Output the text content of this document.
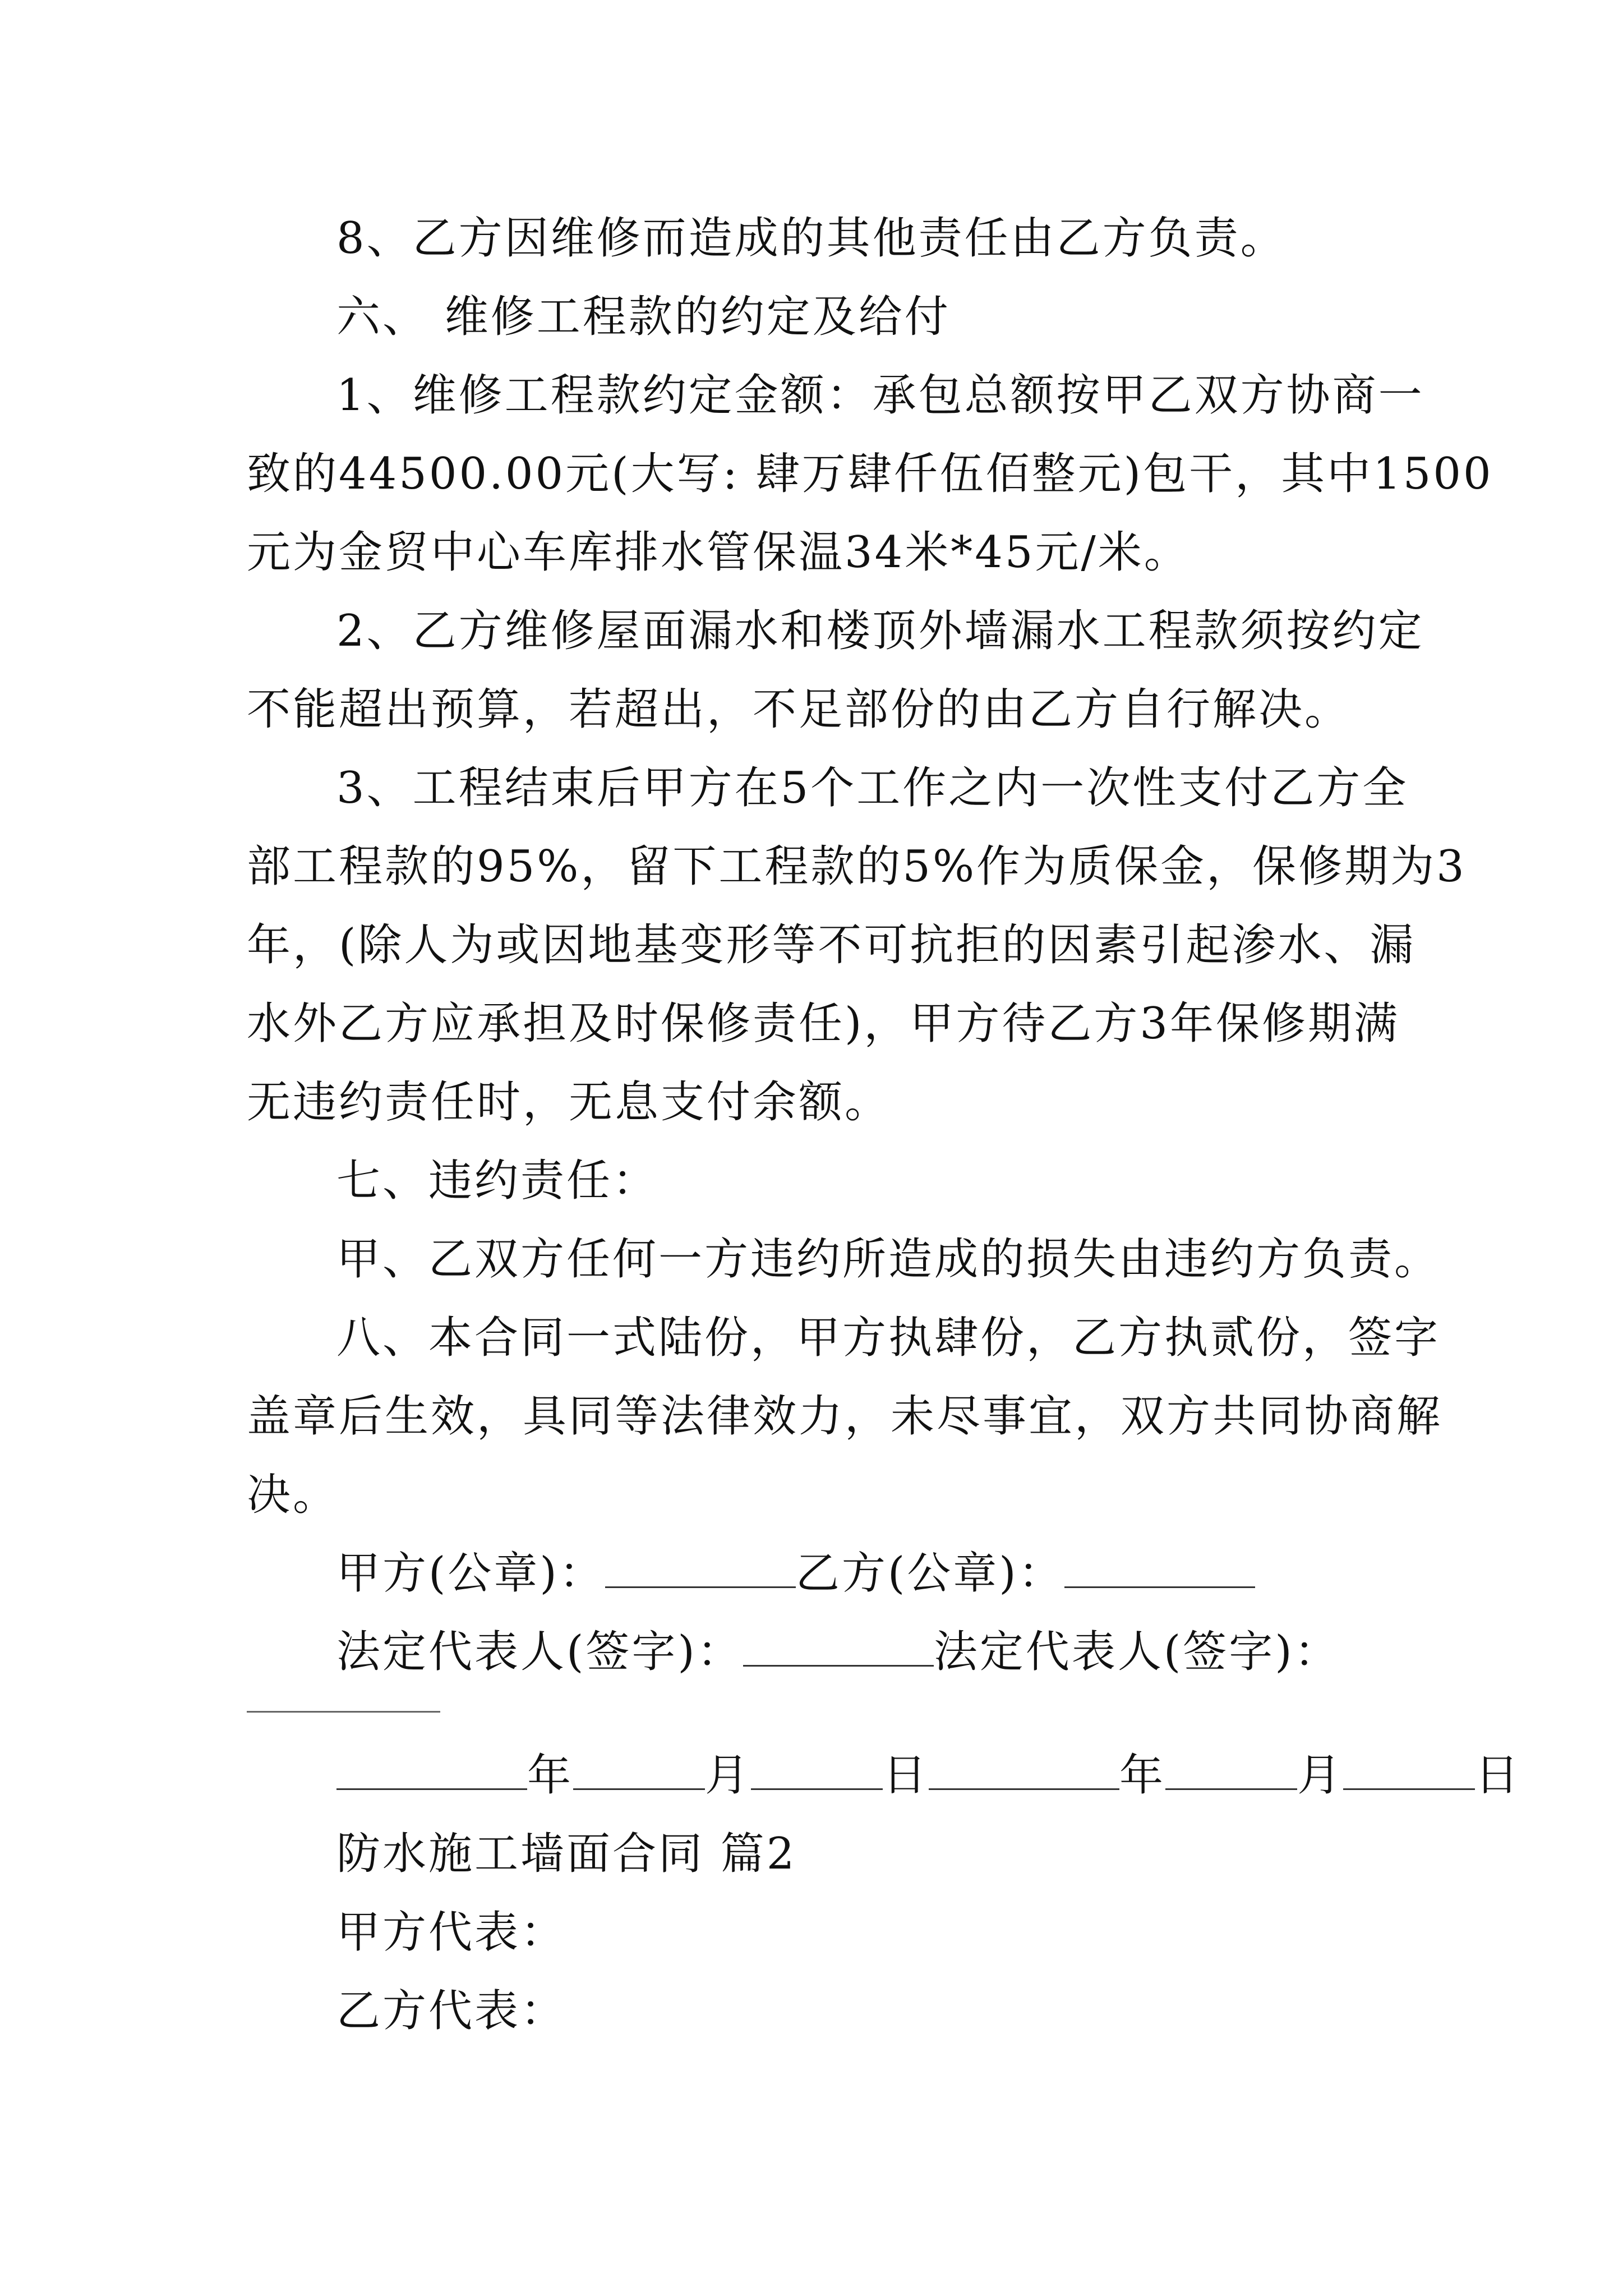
8、乙方因维修而造成的其他责任由乙方负责。
六、 维修工程款的约定及给付
1、维修工程款约定金额：承包总额按甲乙双方协商一
致的44500.00元(大写: 肆万肆仟伍佰整元)包干，其中1500
元为金贸中心车库排水管保温34米*45元/米。
2、乙方维修屋面漏水和楼顶外墙漏水工程款须按约定
不能超出预算，若超出，不足部份的由乙方自行解决。
3、工程结束后甲方在5个工作之内一次性支付乙方全
部工程款的95%，留下工程款的5%作为质保金，保修期为3
年，(除人为或因地基变形等不可抗拒的因素引起渗水、漏
水外乙方应承担及时保修责任)，甲方待乙方3年保修期满
无违约责任时，无息支付余额。
七、违约责任：
甲、乙双方任何一方违约所造成的损失由违约方负责。
八、本合同一式陆份，甲方执肆份，乙方执贰份，签字
盖章后生效，具同等法律效力，未尽事宜，双方共同协商解
决。
甲方(公章)：	乙方(公章)：
法定代表人(签字)：	法定代表人(签字)：
年	月	日	年	月	日
防水施工墙面合同 篇2
甲方代表：
乙方代表：
